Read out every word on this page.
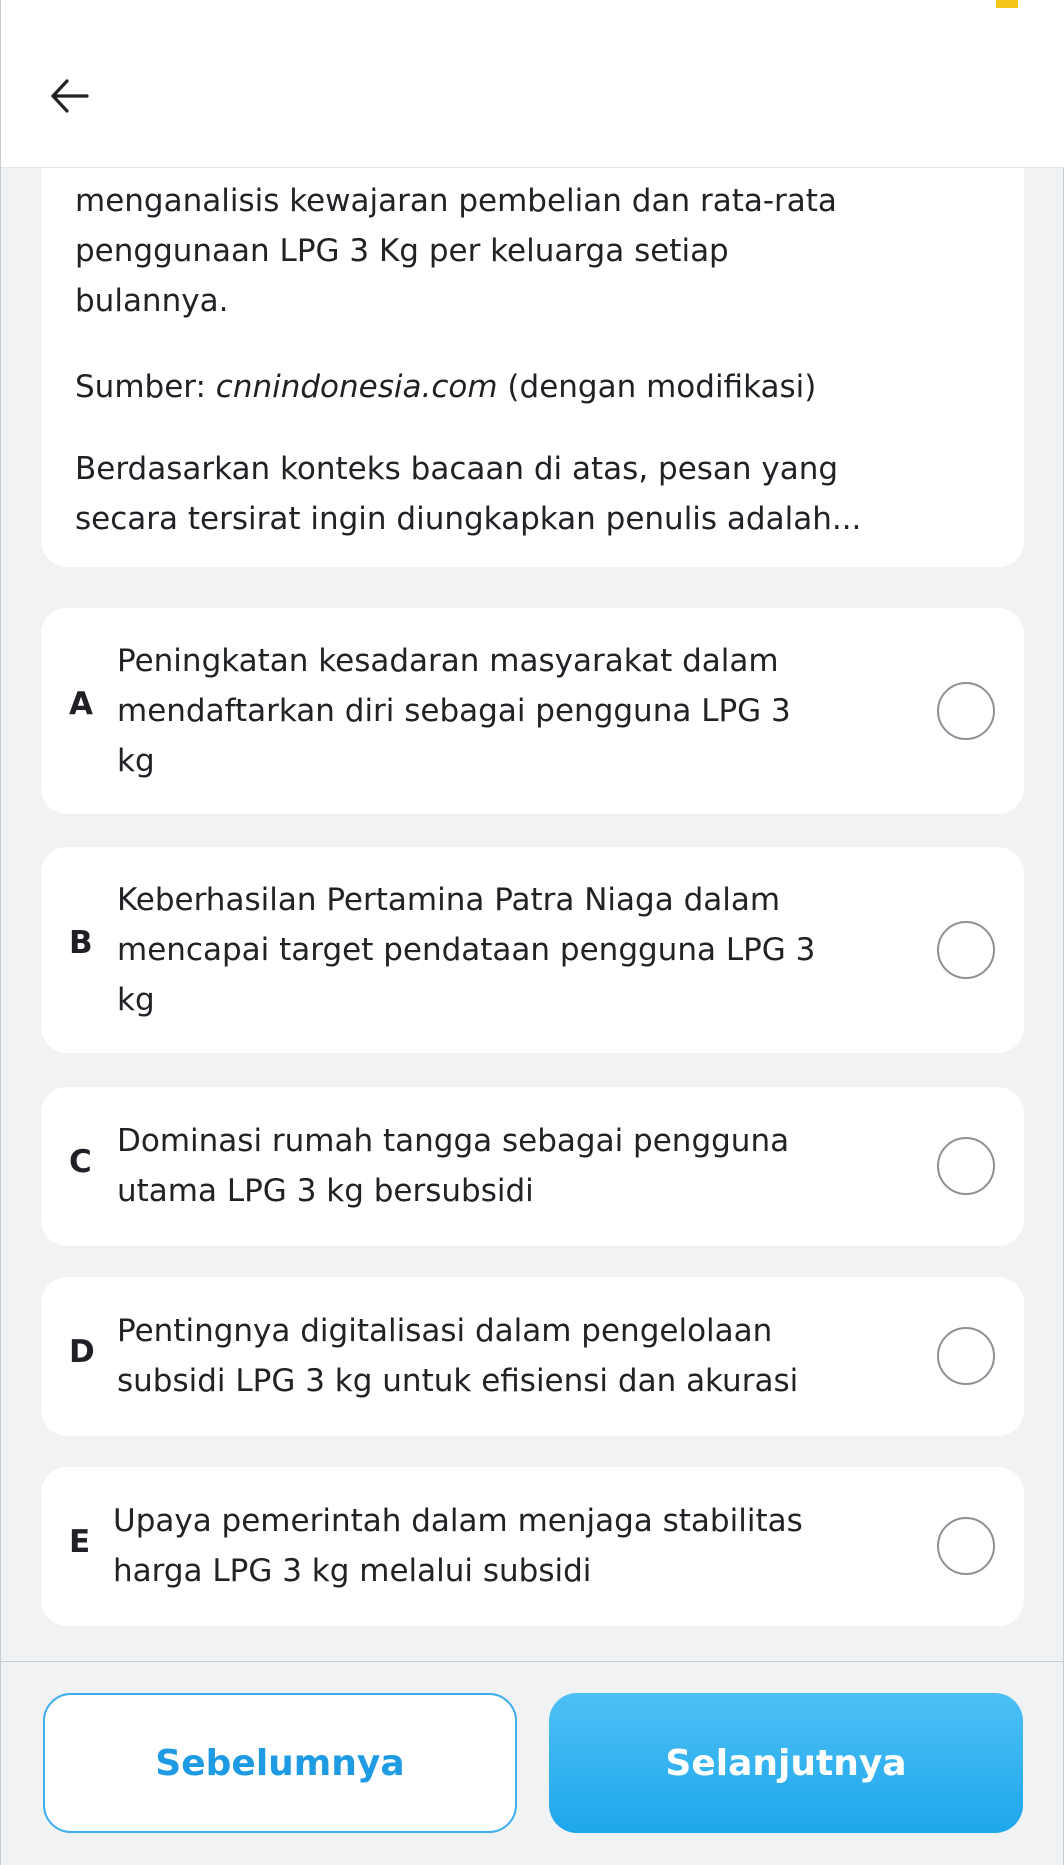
menganalisis kewajaran pembelian dan rata-rata

penggunaan LPG 3 Kg per keluarga setiap

bulannya.

Sumber: cnnindonesia.com (dengan modifikasi)

Berdasarkan konteks bacaan di atas, pesan yang

secara tersirat ingin diungkapkan penulis adalah...

A
Peningkatan kesadaran masyarakat dalam
mendaftarkan diri sebagai pengguna LPG 3
kg
B
Keberhasilan Pertamina Patra Niaga dalam
mencapai target pendataan pengguna LPG 3
kg
C
Dominasi rumah tangga sebagai pengguna
utama LPG 3 kg bersubsidi
D
Pentingnya digitalisasi dalam pengelolaan
subsidi LPG 3 kg untuk efisiensi dan akurasi
E
Upaya pemerintah dalam menjaga stabilitas
harga LPG 3 kg melalui subsidi
Sebelumnya	Selanjutnya
